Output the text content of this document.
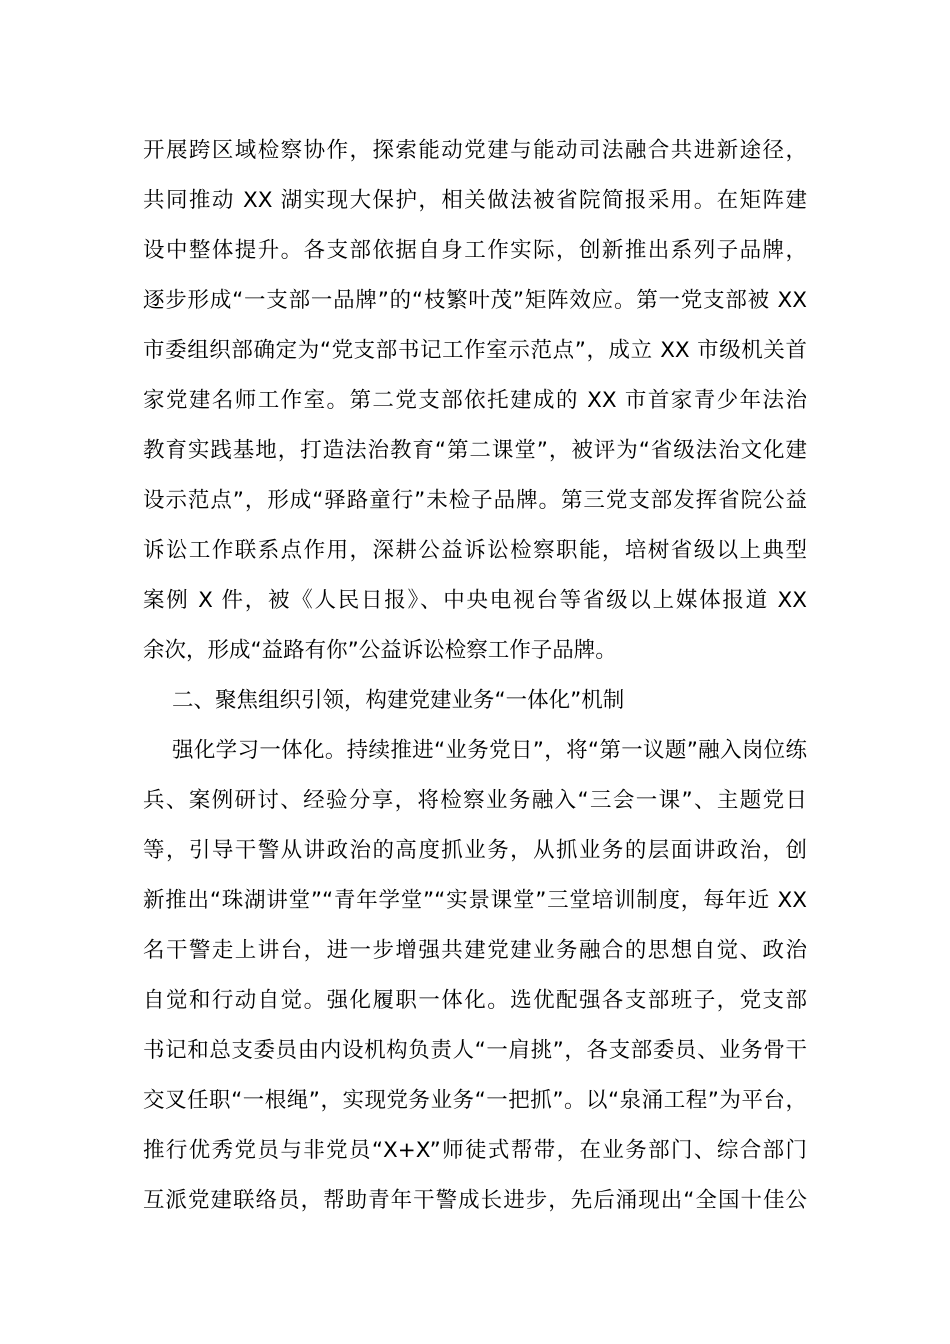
开展跨区域检察协作，探索能动党建与能动司法融合共进新途径，
共同推动 XX 湖实现大保护，相关做法被省院简报采用。在矩阵建
设中整体提升。各支部依据自身工作实际，创新推出系列子品牌，
逐步形成“一支部一品牌”的“枝繁叶茂”矩阵效应。第一党支部被 XX
市委组织部确定为“党支部书记工作室示范点”，成立 XX 市级机关首
家党建名师工作室。第二党支部依托建成的 XX 市首家青少年法治
教育实践基地，打造法治教育“第二课堂”，被评为“省级法治文化建
设示范点”，形成“驿路童行”未检子品牌。第三党支部发挥省院公益
诉讼工作联系点作用，深耕公益诉讼检察职能，培树省级以上典型
案例 X 件，被《人民日报》、中央电视台等省级以上媒体报道 XX
余次，形成“益路有你”公益诉讼检察工作子品牌。
二、聚焦组织引领，构建党建业务“一体化”机制
强化学习一体化。持续推进“业务党日”，将“第一议题”融入岗位练
兵、案例研讨、经验分享，将检察业务融入“三会一课”、主题党日
等，引导干警从讲政治的高度抓业务，从抓业务的层面讲政治，创
新推出“珠湖讲堂”“青年学堂”“实景课堂”三堂培训制度，每年近 XX
名干警走上讲台，进一步增强共建党建业务融合的思想自觉、政治
自觉和行动自觉。强化履职一体化。选优配强各支部班子，党支部
书记和总支委员由内设机构负责人“一肩挑”，各支部委员、业务骨干
交叉任职“一根绳”，实现党务业务“一把抓”。以“泉涌工程”为平台，
推行优秀党员与非党员“X+X”师徒式帮带，在业务部门、综合部门
互派党建联络员，帮助青年干警成长进步，先后涌现出“全国十佳公
